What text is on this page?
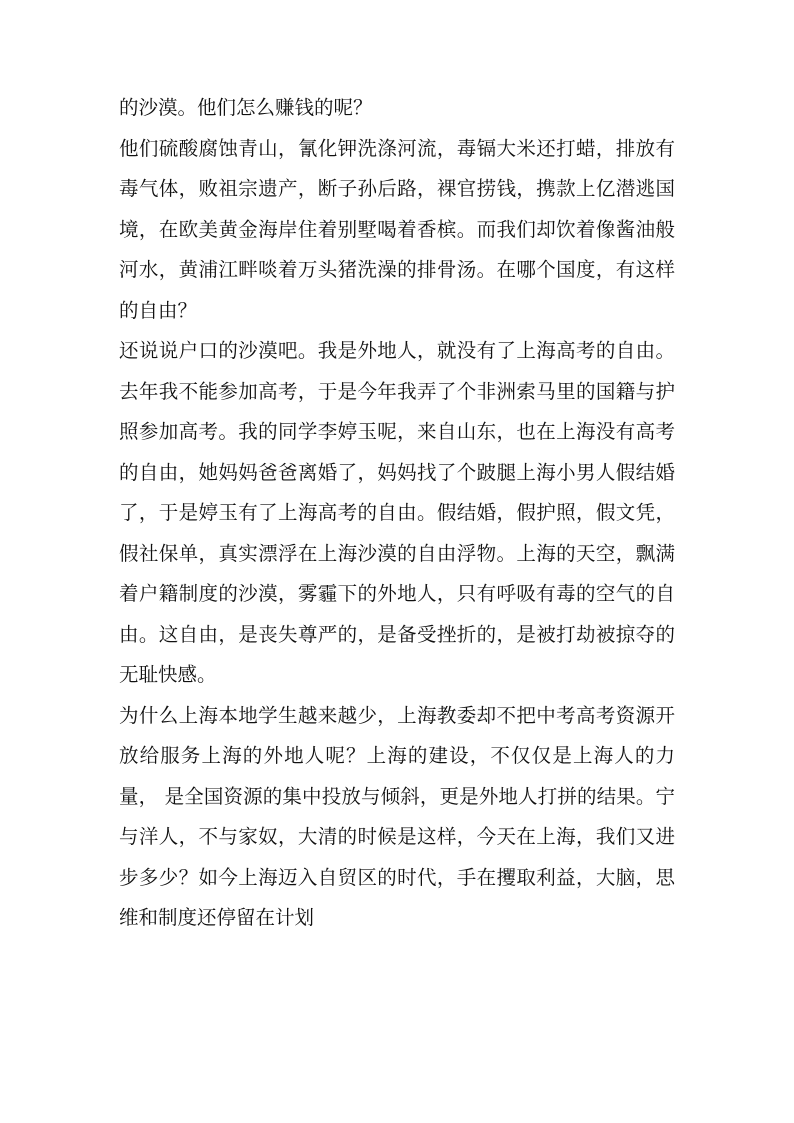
的沙漠。他们怎么赚钱的呢？

他们硫酸腐蚀青山，氰化钾洗涤河流，毒镉大米还打蜡，排放有毒气体，败祖宗遗产，断子孙后路，裸官捞钱，携款上亿潜逃国境，在欧美黄金海岸住着别墅喝着香槟。而我们却饮着像酱油般河水，黄浦江畔啖着万头猪洗澡的排骨汤。在哪个国度，有这样的自由？

还说说户口的沙漠吧。我是外地人，就没有了上海高考的自由。去年我不能参加高考，于是今年我弄了个非洲索马里的国籍与护照参加高考。我的同学李婷玉呢，来自山东，也在上海没有高考的自由，她妈妈爸爸离婚了，妈妈找了个跛腿上海小男人假结婚了，于是婷玉有了上海高考的自由。假结婚，假护照，假文凭，假社保单，真实漂浮在上海沙漠的自由浮物。上海的天空，飘满着户籍制度的沙漠，雾霾下的外地人，只有呼吸有毒的空气的自由。这自由，是丧失尊严的，是备受挫折的，是被打劫被掠夺的无耻快感。

为什么上海本地学生越来越少，上海教委却不把中考高考资源开放给服务上海的外地人呢？上海的建设，不仅仅是上海人的力量， 是全国资源的集中投放与倾斜，更是外地人打拼的结果。宁与洋人，不与家奴，大清的时候是这样，今天在上海，我们又进步多少？如今上海迈入自贸区的时代，手在攫取利益，大脑，思维和制度还停留在计划
